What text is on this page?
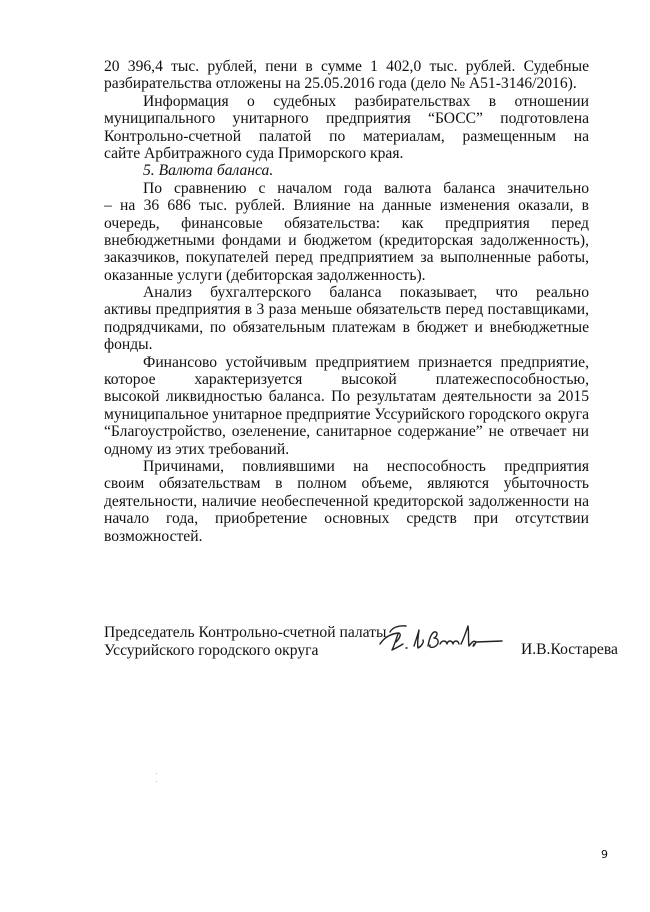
20 396,4 тыс. рублей, пени в сумме 1 402,0 тыс. рублей. Судебные
разбирательства отложены на 25.05.2016 года (дело № А51-3146/2016).
Информация о судебных разбирательствах в отношении
муниципального унитарного предприятия “БОСС” подготовлена
Контрольно-счетной палатой по материалам, размещенным на
сайте Арбитражного суда Приморского края.
5. Валюта баланса.
По сравнению с началом года валюта баланса значительно
– на 36 686 тыс. рублей. Влияние на данные изменения оказали, в
очередь, финансовые обязательства: как предприятия перед
внебюджетными фондами и бюджетом (кредиторская задолженность),
заказчиков, покупателей перед предприятием за выполненные работы,
оказанные услуги (дебиторская задолженность).
Анализ бухгалтерского баланса показывает, что реально
активы предприятия в 3 раза меньше обязательств перед поставщиками,
подрядчиками, по обязательным платежам в бюджет и внебюджетные
фонды.
Финансово устойчивым предприятием признается предприятие,
которое характеризуется высокой платежеспособностью,
высокой ликвидностью баланса. По результатам деятельности за 2015
муниципальное унитарное предприятие Уссурийского городского округа
“Благоустройство, озеленение, санитарное содержание” не отвечает ни
одному из этих требований.
Причинами, повлиявшими на неспособность предприятия
своим обязательствам в полном объеме, являются убыточность
деятельности, наличие необеспеченной кредиторской задолженности на
начало года, приобретение основных средств при отсутствии
возможностей.
Председатель Контрольно-счетной палаты
Уссурийского городского округа	И.В.Костарева
9
